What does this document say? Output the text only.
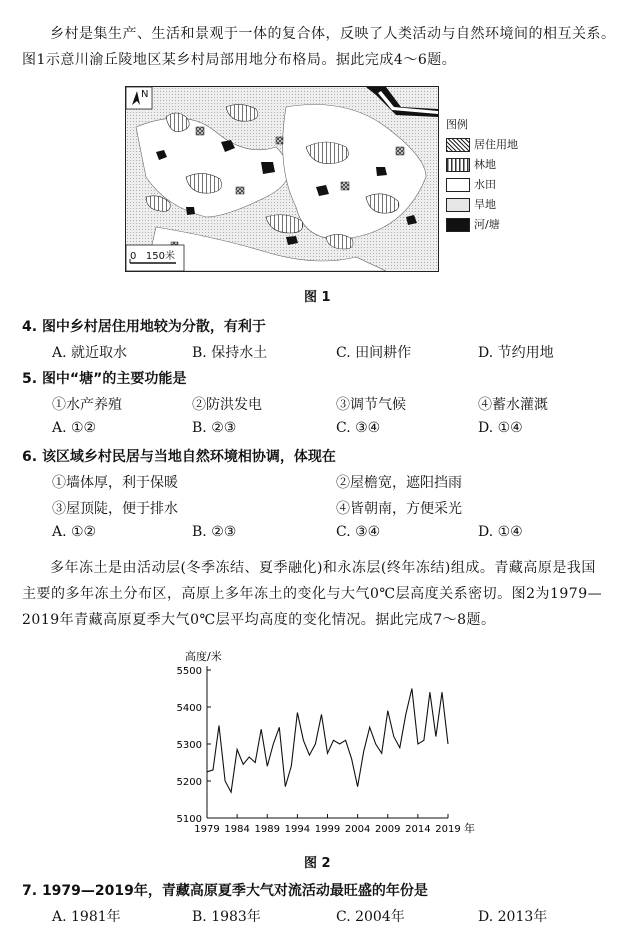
乡村是集生产、生活和景观于一体的复合体，反映了人类活动与自然环境间的相互关系。

图1示意川渝丘陵地区某乡村局部用地分布格局。据此完成4～6题。

N
0   150米
图例
居住用地
林地
水田
旱地
河/塘
图 1
4. 图中乡村居住用地较为分散，有利于
A. 就近取水	B. 保持水土	C. 田间耕作	D. 节约用地
5. 图中“塘”的主要功能是
①水产养殖	②防洪发电	③调节气候	④蓄水灌溉
A. ①②	B. ②③	C. ③④	D. ①④
6. 该区域乡村民居与当地自然环境相协调，体现在
①墙体厚，利于保暖	②屋檐宽，遮阳挡雨
③屋顶陡，便于排水	④皆朝南，方便采光
A. ①②	B. ②③	C. ③④	D. ①④

多年冻土是由活动层(冬季冻结、夏季融化)和永冻层(终年冻结)组成。青藏高原是我国

主要的多年冻土分布区，高原上多年冻土的变化与大气0℃层高度关系密切。图2为1979—

2019年青藏高原夏季大气0℃层平均高度的变化情况。据此完成7～8题。

5100
5200
5300
5400
5500
1979 1984 1989 1994 1999 2004 2009 2014 2019
高度/米
年
图 2
7. 1979—2019年，青藏高原夏季大气对流活动最旺盛的年份是
A. 1981年	B. 1983年	C. 2004年	D. 2013年
